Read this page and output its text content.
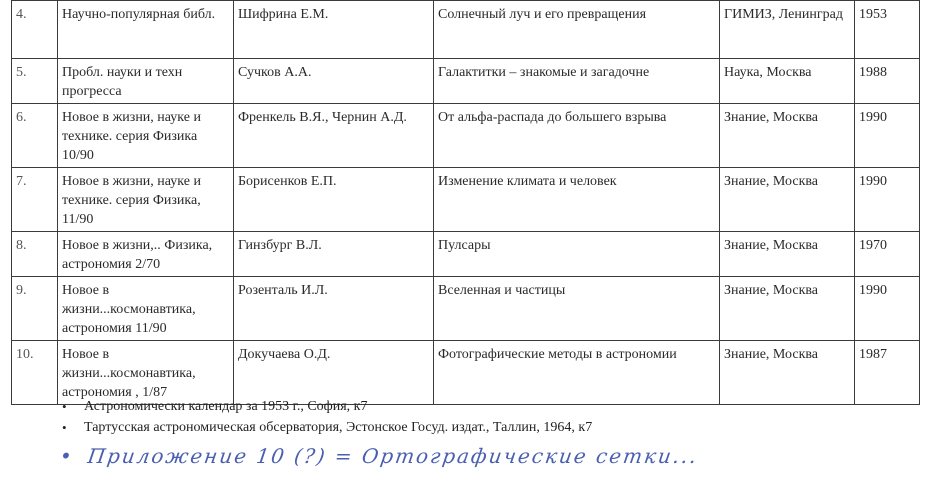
4.	Научно-популярная библ.	Шифрина Е.М.	Солнечный луч и его превращения	ГИМИЗ, Ленинград	1953
5.	Пробл. науки и техн прогресса	Сучков А.А.	Галактитки – знакомые и загадочне	Наука, Москва	1988
6.	Новое в жизни, науке и технике. серия Физика 10/90	Френкель В.Я., Чернин А.Д.	От альфа-распада до большего взрыва	Знание, Москва	1990
7.	Новое в жизни, науке и технике. серия Физика, 11/90	Борисенков Е.П.	Изменение климата и человек	Знание, Москва	1990
8.	Новое в жизни,.. Физика, астрономия 2/70	Гинзбург В.Л.	Пулсары	Знание, Москва	1970
9.	Новое в жизни...космонавтика, астрономия 11/90	Розенталь И.Л.	Вселенная и частицы	Знание, Москва	1990
10.	Новое в жизни...космонавтика, астрономия , 1/87	Докучаева О.Д.	Фотографические методы в астрономии	Знание, Москва	1987
• Астрономически календар за 1953 г., София, к7
• Тартусская астрономическая обсерватория, Эстонское Госуд. издат., Таллин, 1964, к7
• Приложение 10 (?) = Ортографические сетки...
